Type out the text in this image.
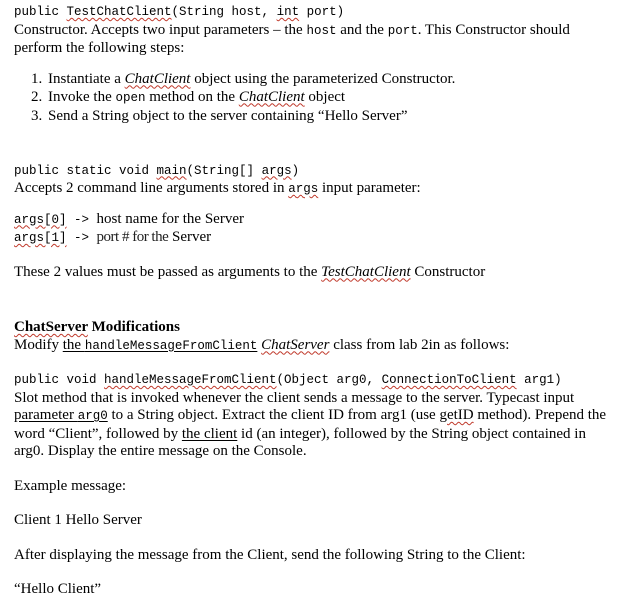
public TestChatClient(String host, int port)
Constructor. Accepts two input parameters – the host and the port. This Constructor should perform the following steps:
1. Instantiate a ChatClient object using the parameterized Constructor.
2. Invoke the open method on the ChatClient object
3. Send a String object to the server containing “Hello Server”
public static void main(String[] args)
Accepts 2 command line arguments stored in args input parameter:
args[0] -> host name for the Server
args[1] -> port # for the Server
These 2 values must be passed as arguments to the TestChatClient Constructor
ChatServer Modifications
Modify the handleMessageFromClient ChatServer class from lab 2in as follows:
public void handleMessageFromClient(Object arg0, ConnectionToClient arg1)
Slot method that is invoked whenever the client sends a message to the server. Typecast input parameter arg0 to a String object. Extract the client ID from arg1 (use getID method). Prepend the word “Client”, followed by the client id (an integer), followed by the String object contained in arg0. Display the entire message on the Console.
Example message:
Client 1 Hello Server
After displaying the message from the Client, send the following String to the Client:
“Hello Client”
